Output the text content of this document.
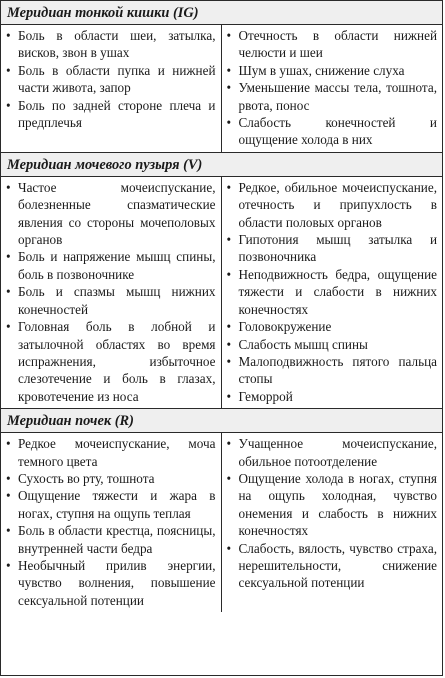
Меридиан тонкой кишки (IG)
• Боль в области шеи, затылка, висков, звон в ушах
• Боль в области пупка и нижней части живота, запор
• Боль по задней стороне плеча и предплечья
• Отечность в области нижней челюсти и шеи
• Шум в ушах, снижение слуха
• Уменьшение массы тела, тошнота, рвота, понос
• Слабость конечностей и ощущение холода в них
Меридиан мочевого пузыря (V)
• Частое мочеиспускание, болезненные спазматические явления со стороны мочеполовых органов
• Боль и напряжение мышц спины, боль в позвоночнике
• Боль и спазмы мышц нижних конечностей
• Головная боль в лобной и затылочной областях во время испражнения, избыточное слезотечение и боль в глазах, кровотечение из носа
• Редкое, обильное мочеиспускание, отечность и припухлость в области половых органов
• Гипотония мышц затылка и позвоночника
• Неподвижность бедра, ощущение тяжести и слабости в нижних конечностях
• Головокружение
• Слабость мышц спины
• Малоподвижность пятого пальца стопы
• Геморрой
Меридиан почек (R)
• Редкое мочеиспускание, моча темного цвета
• Сухость во рту, тошнота
• Ощущение тяжести и жара в ногах, ступня на ощупь теплая
• Боль в области крестца, поясницы, внутренней части бедра
• Необычный прилив энергии, чувство волнения, повышение сексуальной потенции
• Учащенное мочеиспускание, обильное потоотделение
• Ощущение холода в ногах, ступня на ощупь холодная, чувство онемения и слабость в нижних конечностях
• Слабость, вялость, чувство страха, нерешительности, снижение сексуальной потенции
